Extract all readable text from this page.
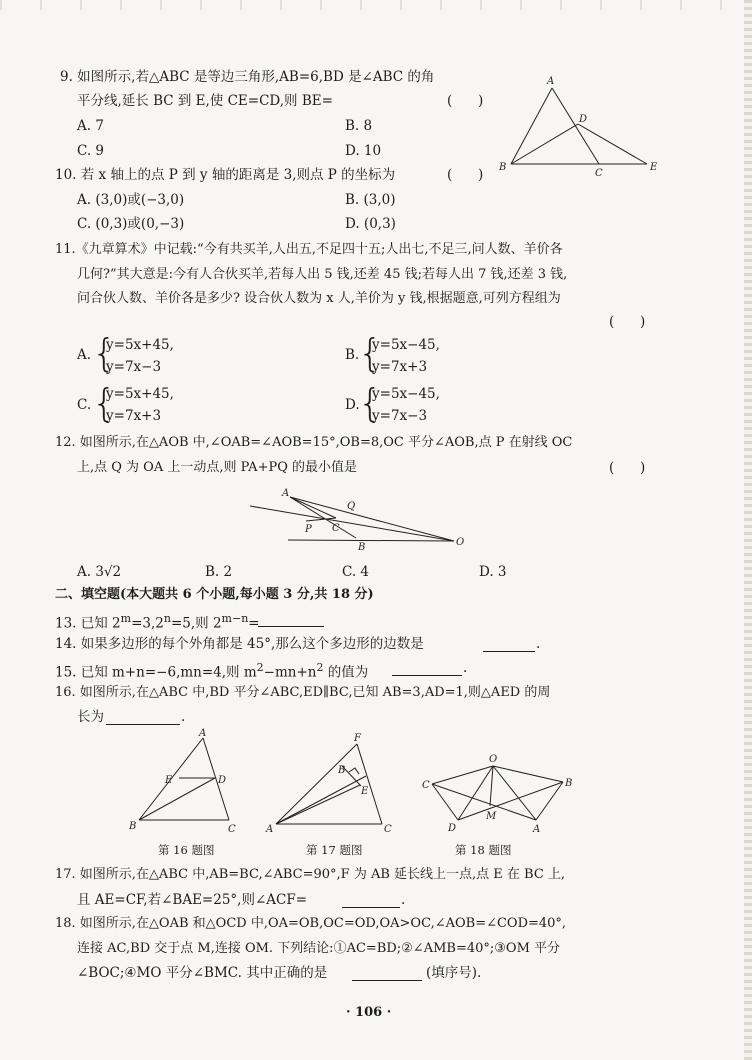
9. 如图所示,若△ABC 是等边三角形,AB=6,BD 是∠ABC 的角
平分线,延长 BC 到 E,使 CE=CD,则 BE=	(      )
A. 7	B. 8
C. 9	D. 10
A
B
C
D
E
10. 若 x 轴上的点 P 到 y 轴的距离是 3,则点 P 的坐标为	(      )
A. (3,0)或(−3,0)	B. (3,0)
C. (0,3)或(0,−3)	D. (0,3)
11.《九章算术》中记载:“今有共买羊,人出五,不足四十五;人出七,不足三,问人数、羊价各
几何?”其大意是:今有人合伙买羊,若每人出 5 钱,还差 45 钱;若每人出 7 钱,还差 3 钱,
问合伙人数、羊价各是多少? 设合伙人数为 x 人,羊价为 y 钱,根据题意,可列方程组为
(      )
A. {
y=5x+45,
y=7x−3
B.
{
y=5x−45,
y=7x+3
C. {
y=5x+45,
y=7x+3
D.
{
y=5x−45,
y=7x−3
12. 如图所示,在△AOB 中,∠OAB=∠AOB=15°,OB=8,OC 平分∠AOB,点 P 在射线 OC
上,点 Q 为 OA 上一动点,则 PA+PQ 的最小值是	(      )
A
Q
P C
B	O
A. 3√2	B. 2	C. 4	D. 3
二、填空题(本大题共 6 个小题,每小题 3 分,共 18 分)
13. 已知 $2^m=3,2^n=5$,则 $2^{m-n}=$
14. 如果多边形的每个外角都是 45°,那么这个多边形的边数是	.
15. 已知 m+n=−6,mn=4,则 $m^2-mn+n^2$ 的值为	.
16. 如图所示,在△ABC 中,BD 平分∠ABC,ED∥BC,已知 AB=3,AD=1,则△AED 的周
长为	.
A
E	D
B	C
F
B
E
A	C
O
C	B
D
M
A
第 16 题图	第 17 题图	第 18 题图
17. 如图所示,在△ABC 中,AB=BC,∠ABC=90°,F 为 AB 延长线上一点,点 E 在 BC 上,
且 AE=CF,若∠BAE=25°,则∠ACF=	.
18. 如图所示,在△OAB 和△OCD 中,OA=OB,OC=OD,OA>OC,∠AOB=∠COD=40°,
连接 AC,BD 交于点 M,连接 OM. 下列结论:①AC=BD;②∠AMB=40°;③OM 平分
∠BOC;④MO 平分∠BMC. 其中正确的是	(填序号).
· 106 ·
